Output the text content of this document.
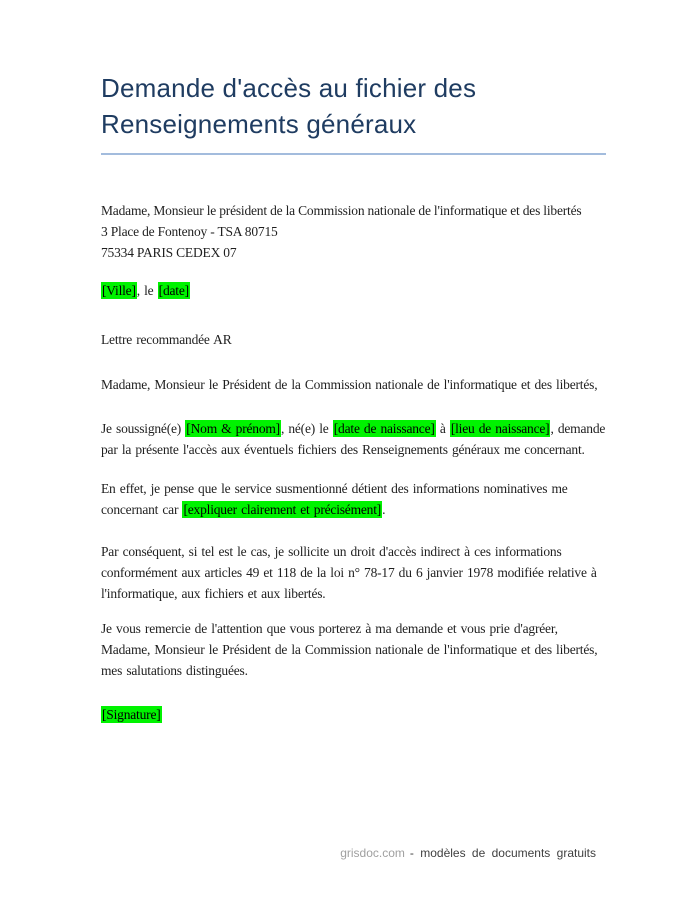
Demande d'accès au fichier des Renseignements généraux
Madame, Monsieur le président de la Commission nationale de l'informatique et des libertés
3 Place de Fontenoy - TSA 80715
75334 PARIS CEDEX 07

[Ville], le [date]

Lettre recommandée AR

Madame, Monsieur le Président de la Commission nationale de l'informatique et des libertés,

Je soussigné(e) [Nom & prénom], né(e) le [date de naissance] à [lieu de naissance], demande par la présente l'accès aux éventuels fichiers des Renseignements généraux me concernant.

En effet, je pense que le service susmentionné détient des informations nominatives me concernant car [expliquer clairement et précisément].

Par conséquent, si tel est le cas, je sollicite un droit d'accès indirect à ces informations conformément aux articles 49 et 118 de la loi n° 78-17 du 6 janvier 1978 modifiée relative à l'informatique, aux fichiers et aux libertés.

Je vous remercie de l'attention que vous porterez à ma demande et vous prie d'agréer, Madame, Monsieur le Président de la Commission nationale de l'informatique et des libertés, mes salutations distinguées.

[Signature]

grisdoc.com - modèles de documents gratuits
